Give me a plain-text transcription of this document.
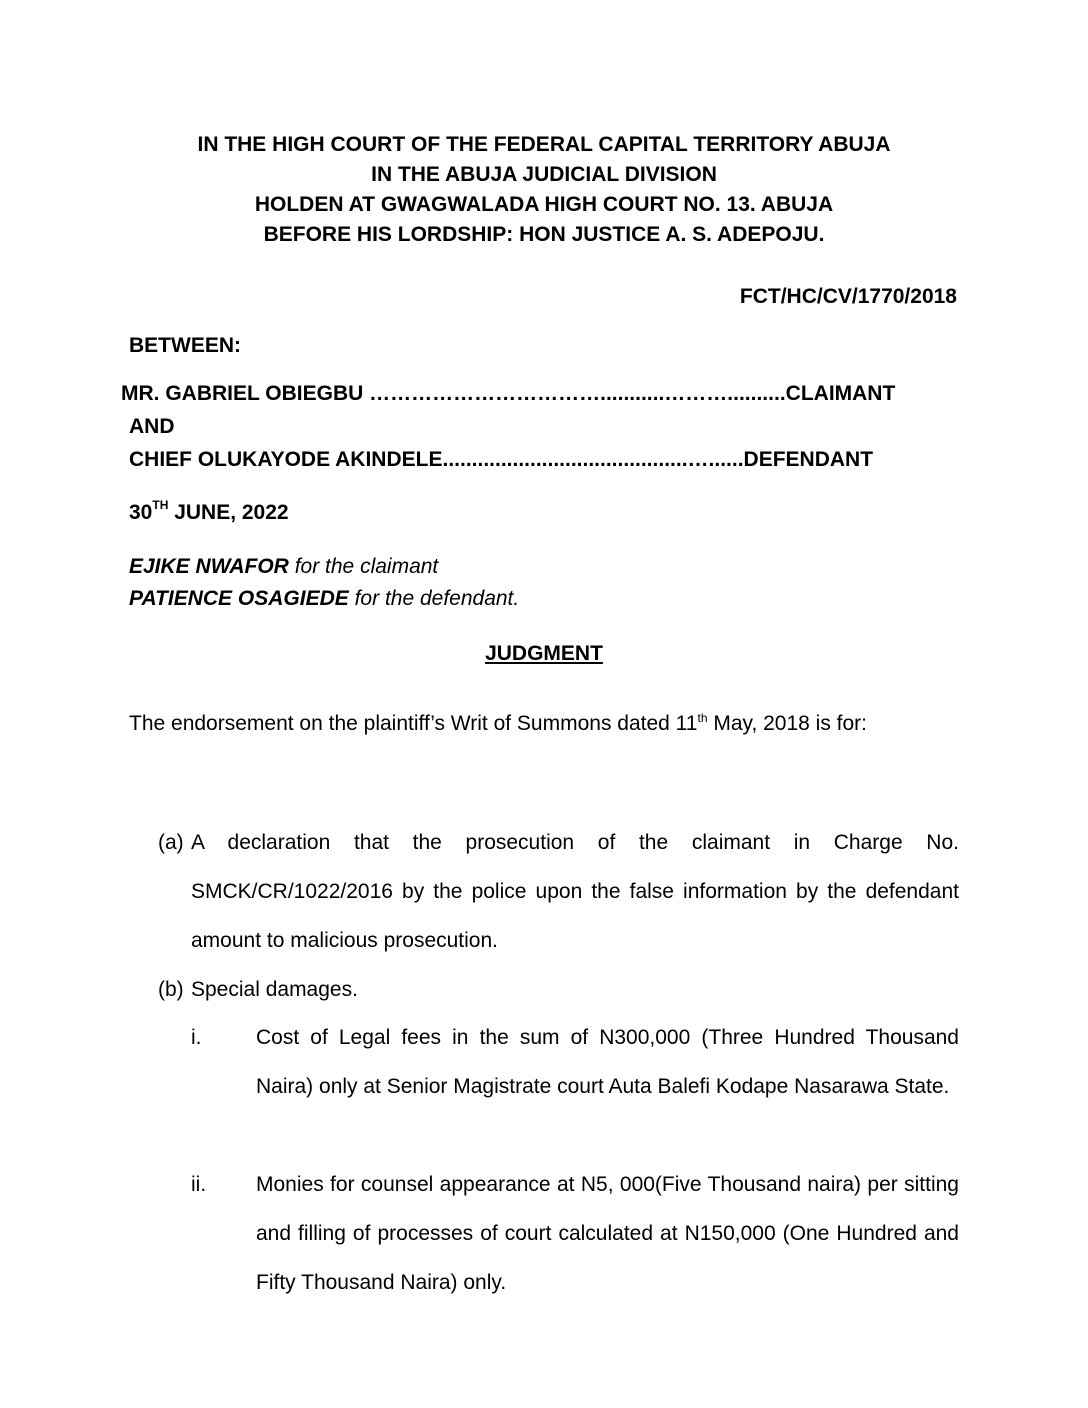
IN THE HIGH COURT OF THE FEDERAL CAPITAL TERRITORY ABUJA
IN THE ABUJA JUDICIAL DIVISION
HOLDEN AT GWAGWALADA HIGH COURT NO. 13. ABUJA
BEFORE HIS LORDSHIP: HON JUSTICE A. S. ADEPOJU.
FCT/HC/CV/1770/2018
BETWEEN:
MR. GABRIEL OBIEGBU ……………………………...........………..........CLAIMANT
AND
CHIEF OLUKAYODE AKINDELE..........................................…......DEFENDANT
30TH JUNE, 2022
EJIKE NWAFOR for the claimant
PATIENCE OSAGIEDE for the defendant.
JUDGMENT
The endorsement on the plaintiff’s Writ of Summons dated 11th May, 2018 is for:
(a) A declaration that the prosecution of the claimant in Charge No. SMCK/CR/1022/2016 by the police upon the false information by the defendant amount to malicious prosecution.
(b) Special damages.
i.	Cost of Legal fees in the sum of N300,000 (Three Hundred Thousand Naira) only at Senior Magistrate court Auta Balefi Kodape Nasarawa State.
ii. Monies for counsel appearance at N5, 000(Five Thousand naira) per sitting and filling of processes of court calculated at N150,000 (One Hundred and Fifty Thousand Naira) only.
